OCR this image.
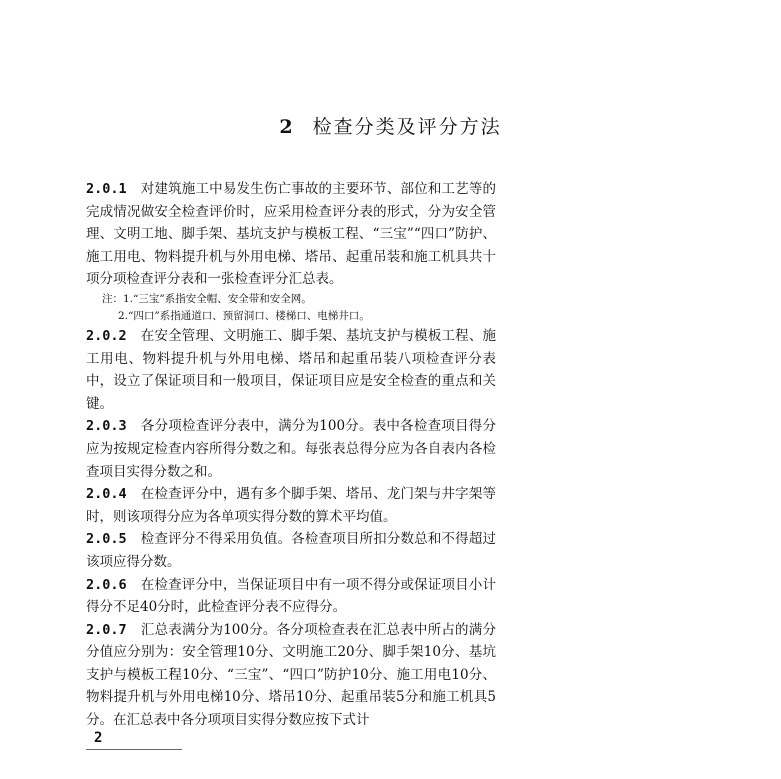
2 检查分类及评分方法

2.0.1 对建筑施工中易发生伤亡事故的主要环节、部位和工艺等的完成情况做安全检查评价时，应采用检查评分表的形式，分为安全管理、文明工地、脚手架、基坑支护与模板工程、“三宝”“四口”防护、施工用电、物料提升机与外用电梯、塔吊、起重吊装和施工机具共十项分项检查评分表和一张检查评分汇总表。

注：1.“三宝”系指安全帽、安全带和安全网。

2.“四口”系指通道口、预留洞口、楼梯口、电梯井口。

2.0.2 在安全管理、文明施工、脚手架、基坑支护与模板工程、施工用电、物料提升机与外用电梯、塔吊和起重吊装八项检查评分表中，设立了保证项目和一般项目，保证项目应是安全检查的重点和关键。

2.0.3 各分项检查评分表中，满分为100分。表中各检查项目得分应为按规定检查内容所得分数之和。每张表总得分应为各自表内各检查项目实得分数之和。

2.0.4 在检查评分中，遇有多个脚手架、塔吊、龙门架与井字架等时，则该项得分应为各单项实得分数的算术平均值。

2.0.5 检查评分不得采用负值。各检查项目所扣分数总和不得超过该项应得分数。

2.0.6 在检查评分中，当保证项目中有一项不得分或保证项目小计得分不足40分时，此检查评分表不应得分。

2.0.7 汇总表满分为100分。各分项检查表在汇总表中所占的满分分值应分别为：安全管理10分、文明施工20分、脚手架10分、基坑支护与模板工程10分、“三宝”、“四口”防护10分、施工用电10分、物料提升机与外用电梯10分、塔吊10分、起重吊装5分和施工机具5分。在汇总表中各分项项目实得分数应按下式计

2
